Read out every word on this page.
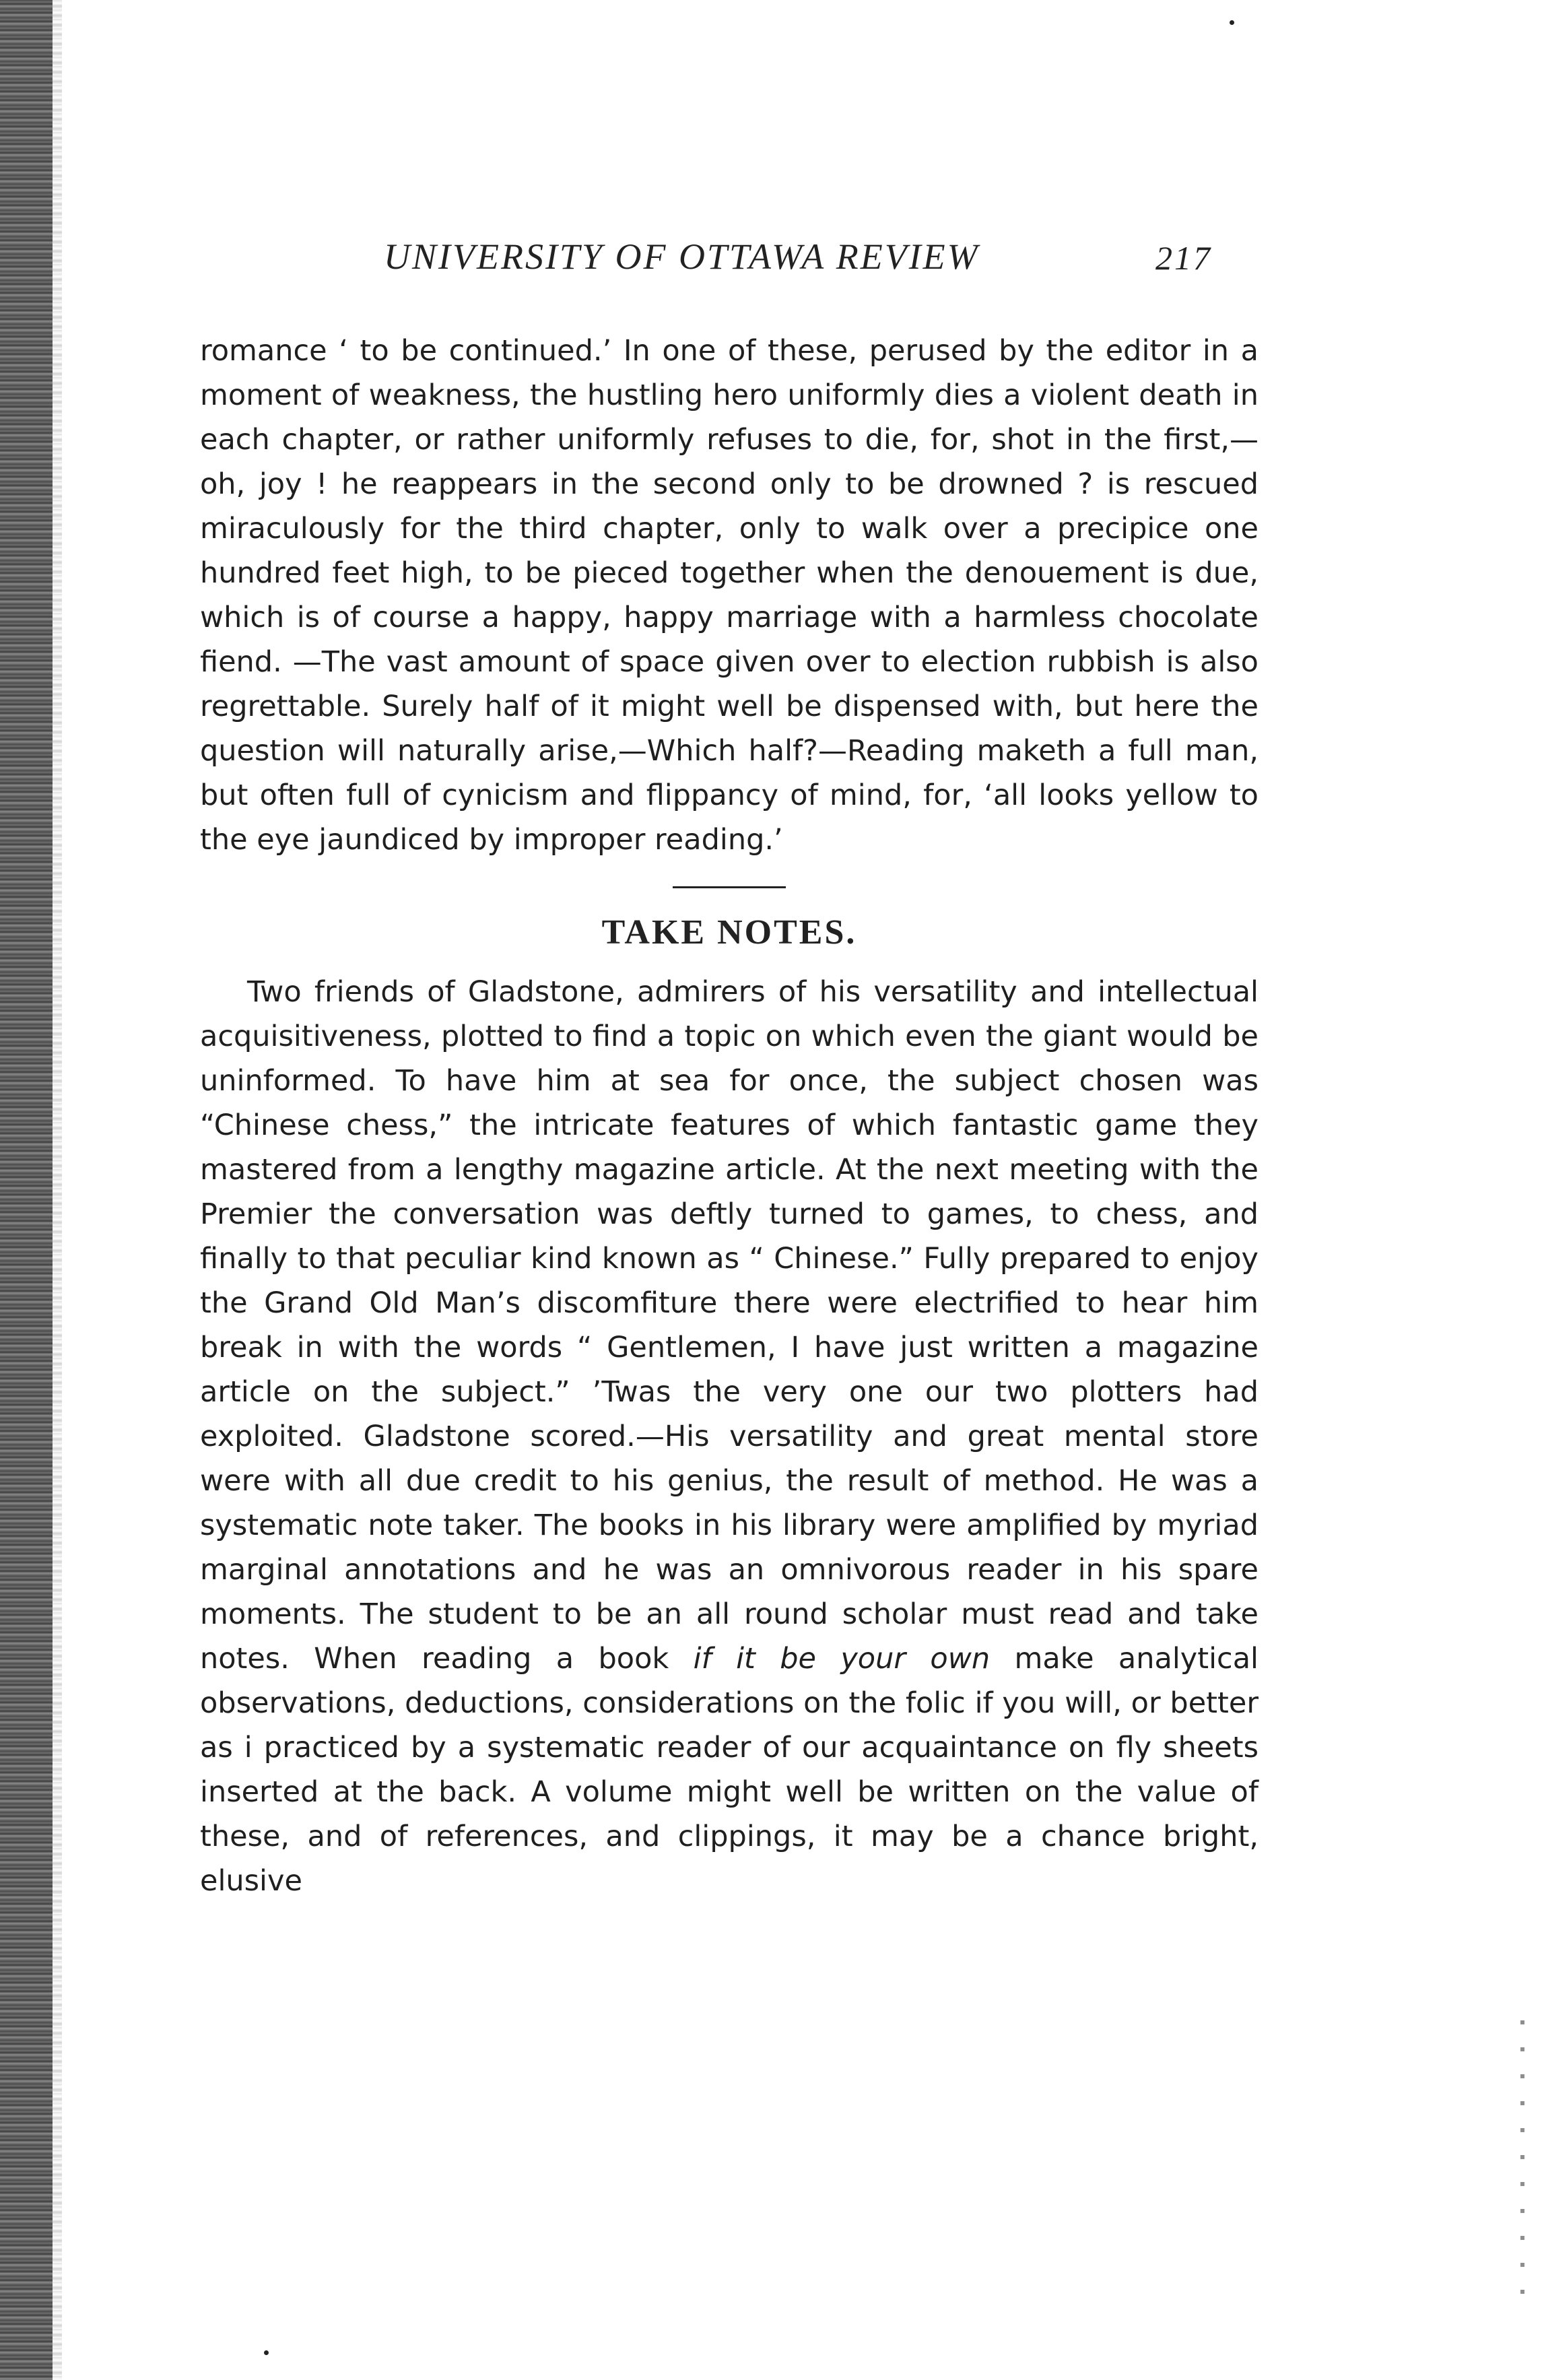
UNIVERSITY OF OTTAWA REVIEW	217

romance ‘ to be continued.’ In one of these, perused by the editor in a moment of weakness, the hustling hero uniformly dies a violent death in each chapter, or rather uniformly refuses to die, for, shot in the first,—oh, joy ! he reappears in the second only to be drowned ? is rescued miraculously for the third chapter, only to walk over a precipice one hundred feet high, to be pieced together when the denouement is due, which is of course a happy, happy marriage with a harmless chocolate fiend. —The vast amount of space given over to election rubbish is also regrettable. Surely half of it might well be dispensed with, but here the question will naturally arise,—Which half?—Reading maketh a full man, but often full of cynicism and flippancy of mind, for, ‘all looks yellow to the eye jaundiced by improper reading.’

TAKE NOTES.

Two friends of Gladstone, admirers of his versatility and intellectual acquisitiveness, plotted to find a topic on which even the giant would be uninformed. To have him at sea for once, the subject chosen was “Chinese chess,” the intricate features of which fantastic game they mastered from a lengthy magazine article. At the next meeting with the Premier the conversation was deftly turned to games, to chess, and finally to that peculiar kind known as “ Chinese.” Fully prepared to enjoy the Grand Old Man’s discomfiture there were electrified to hear him break in with the words “ Gentlemen, I have just written a magazine article on the subject.” ’Twas the very one our two plotters had exploited. Gladstone scored.—His versatility and great mental store were with all due credit to his genius, the result of method. He was a systematic note taker. The books in his library were amplified by myriad marginal annotations and he was an omnivorous reader in his spare moments. The student to be an all round scholar must read and take notes. When reading a book if it be your own make analytical observations, deductions, considerations on the folic if you will, or better as i practiced by a systematic reader of our acquaintance on fly sheets inserted at the back. A volume might well be written on the value of these, and of references, and clippings, it may be a chance bright, elusive
